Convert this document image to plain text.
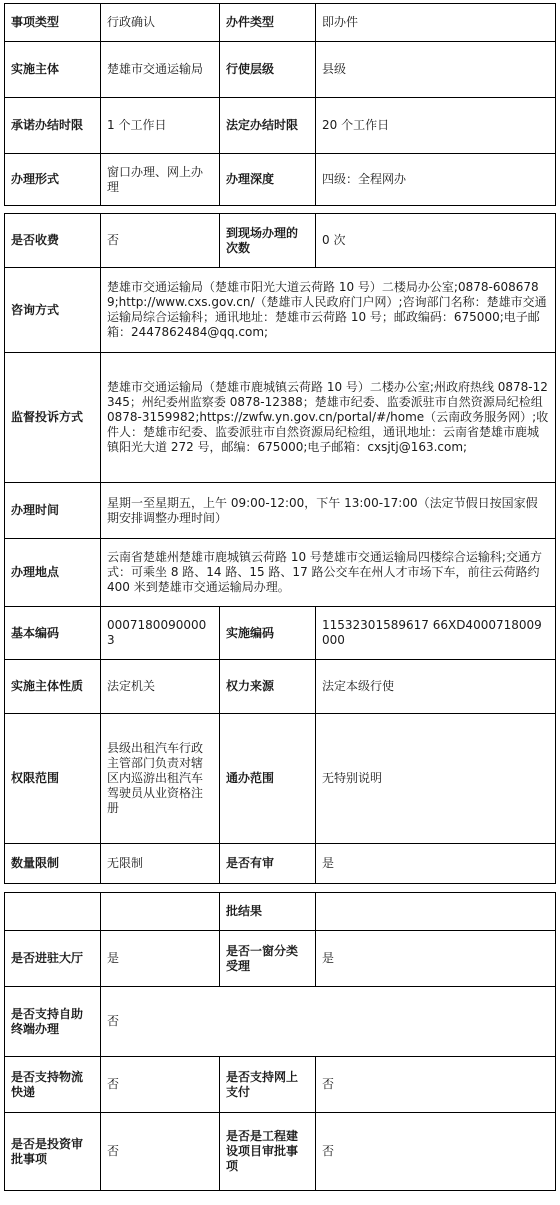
事项类型	行政确认	办件类型	即办件
实施主体	楚雄市交通运输局	行使层级	县级
承诺办结时限	1 个工作日	法定办结时限	20 个工作日
办理形式	窗口办理、网上办理	办理深度	四级：全程网办
是否收费	否	到现场办理的次数	0 次
咨询方式	楚雄市交通运输局（楚雄市阳光大道云荷路 10 号）二楼局办公室;0878-6086789;http://www.cxs.gov.cn/（楚雄市人民政府门户网）;咨询部门名称：楚雄市交通运输局综合运输科；通讯地址：楚雄市云荷路 10 号；邮政编码：675000;电子邮箱：2447862484@qq.com;		
监督投诉方式	楚雄市交通运输局（楚雄市鹿城镇云荷路 10 号）二楼办公室;州政府热线 0878-12345；州纪委州监察委 0878-12388；楚雄市纪委、监委派驻市自然资源局纪检组 0878-3159982;https://zwfw.yn.gov.cn/portal/#/home（云南政务服务网）;收件人：楚雄市纪委、监委派驻市自然资源局纪检组，通讯地址：云南省楚雄市鹿城镇阳光大道 272 号，邮编：675000;电子邮箱：cxsjtj@163.com;		
办理时间	星期一至星期五，上午 09:00-12:00，下午 13:00-17:00（法定节假日按国家假期安排调整办理时间）		
办理地点	云南省楚雄州楚雄市鹿城镇云荷路 10 号楚雄市交通运输局四楼综合运输科;交通方式：可乘坐 8 路、14 路、15 路、17 路公交车在州人才市场下车，前往云荷路约 400 米到楚雄市交通运输局办理。		
基本编码	00071800900003	实施编码	11532301589617 66XD4000718009000
实施主体性质	法定机关	权力来源	法定本级行使
权限范围	县级出租汽车行政主管部门负责对辖区内巡游出租汽车驾驶员从业资格注册	通办范围	无特别说明
数量限制	无限制	是否有审	是
		批结果	
是否进驻大厅	是	是否一窗分类受理	是
是否支持自助终端办理	否		
是否支持物流快递	否	是否支持网上支付	否
是否是投资审批事项	否	是否是工程建设项目审批事项	否
